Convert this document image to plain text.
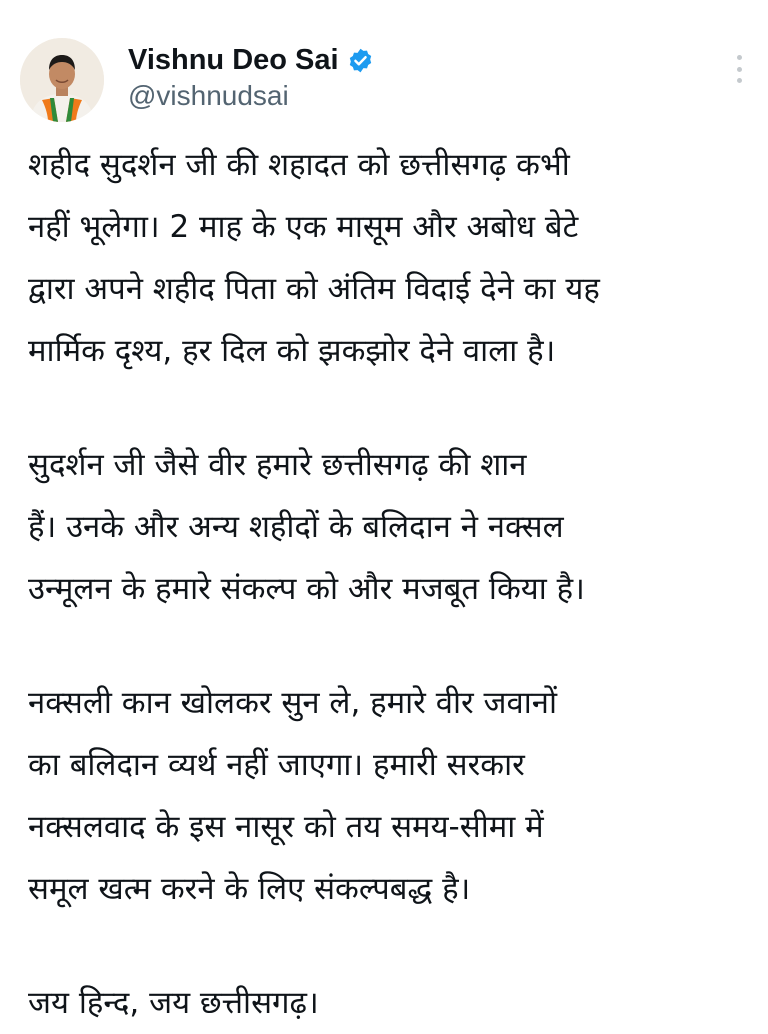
Vishnu Deo Sai
@vishnudsai
शहीद सुदर्शन जी की शहादत को छत्तीसगढ़ कभी
नहीं भूलेगा। 2 माह के एक मासूम और अबोध बेटे
द्वारा अपने शहीद पिता को अंतिम विदाई देने का यह
मार्मिक दृश्य, हर दिल को झकझोर देने वाला है।
सुदर्शन जी जैसे वीर हमारे छत्तीसगढ़ की शान
हैं। उनके और अन्य शहीदों के बलिदान ने नक्सल
उन्मूलन के हमारे संकल्प को और मजबूत किया है।
नक्सली कान खोलकर सुन ले, हमारे वीर जवानों
का बलिदान व्यर्थ नहीं जाएगा। हमारी सरकार
नक्सलवाद के इस नासूर को तय समय-सीमा में
समूल खत्म करने के लिए संकल्पबद्ध है।
जय हिन्द, जय छत्तीसगढ़।
